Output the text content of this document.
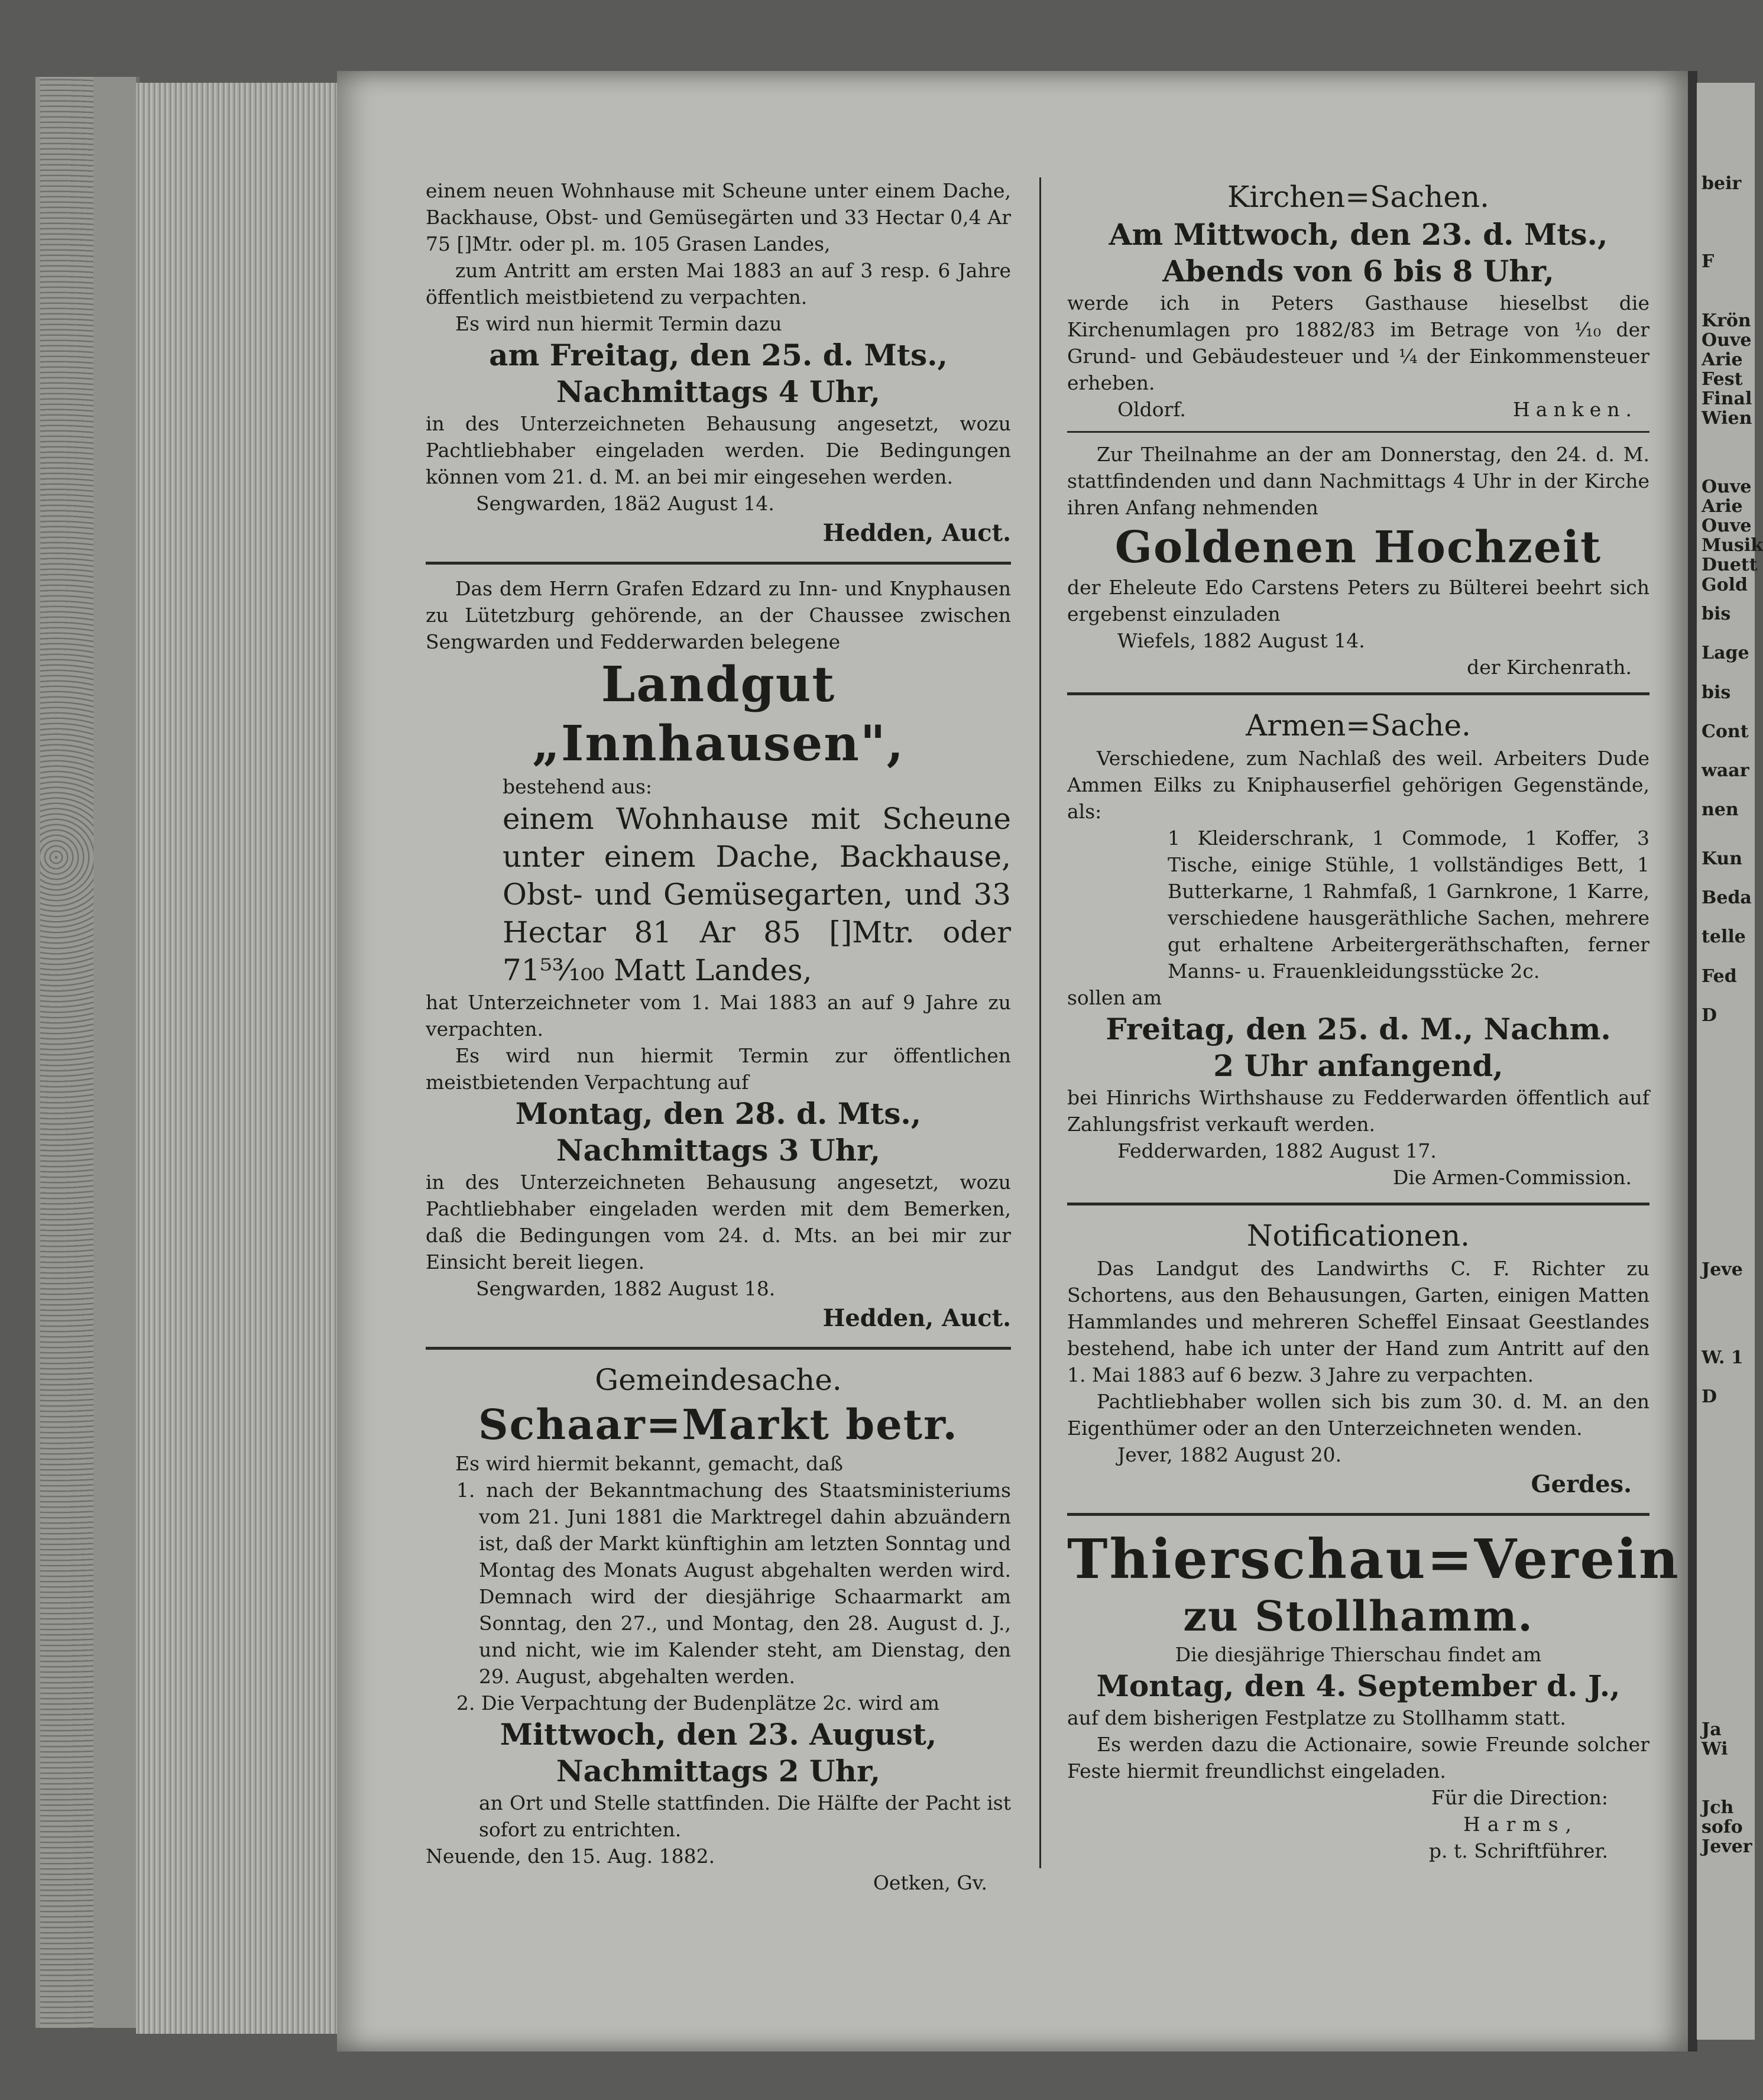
beir
F
Krön
Ouve
Arie
Fest
Final
Wien
Ouve
Arie
Ouve
Musik
Duett
Gold
bis
Lage
bis
Cont
waar
nen
Kun
Beda
telle
Fed
D
Jeve
W. 1
D
Ja
Wi
Jch
sofo
Jever
einem neuen Wohnhause mit Scheune unter einem Dache, Backhause, Obst- und Gemüsegärten und 33 Hectar 0,4 Ar 75 []Mtr. oder pl. m. 105 Grasen Landes,
zum Antritt am ersten Mai 1883 an auf 3 resp. 6 Jahre öffentlich meistbietend zu verpachten.
Es wird nun hiermit Termin dazu
am Freitag, den 25. d. Mts.,
Nachmittags 4 Uhr,
in des Unterzeichneten Behausung angesetzt, wozu Pachtliebhaber eingeladen werden. Die Bedingungen können vom 21. d. M. an bei mir eingesehen werden.
Sengwarden, 18ä2 August 14.
Hedden, Auct.
Das dem Herrn Grafen Edzard zu Inn- und Knyphausen zu Lütetzburg gehörende, an der Chaussee zwischen Sengwarden und Fedderwarden belegene
Landgut „Innhausen",
bestehend aus:
einem Wohnhause mit Scheune unter einem Dache, Backhause, Obst- und Gemüsegarten, und 33 Hectar 81 Ar 85 []Mtr. oder 71⁵³⁄₁₀₀ Matt Landes,
hat Unterzeichneter vom 1. Mai 1883 an auf 9 Jahre zu verpachten.
Es wird nun hiermit Termin zur öffentlichen meistbietenden Verpachtung auf
Montag, den 28. d. Mts.,
Nachmittags 3 Uhr,
in des Unterzeichneten Behausung angesetzt, wozu Pachtliebhaber eingeladen werden mit dem Bemerken, daß die Bedingungen vom 24. d. Mts. an bei mir zur Einsicht bereit liegen.
Sengwarden, 1882 August 18.
Hedden, Auct.
Gemeindesache.
Schaar=Markt betr.
Es wird hiermit bekannt, gemacht, daß
1. nach der Bekanntmachung des Staatsministeriums vom 21. Juni 1881 die Marktregel dahin abzuändern ist, daß der Markt künftighin am letzten Sonntag und Montag des Monats August abgehalten werden wird. Demnach wird der diesjährige Schaarmarkt am Sonntag, den 27., und Montag, den 28. August d. J., und nicht, wie im Kalender steht, am Dienstag, den 29. August, abgehalten werden.
2. Die Verpachtung der Budenplätze 2c. wird am
Mittwoch, den 23. August,
Nachmittags 2 Uhr,
an Ort und Stelle stattfinden. Die Hälfte der Pacht ist sofort zu entrichten.
Neuende, den 15. Aug. 1882.
Oetken, Gv.
Kirchen=Sachen.
Am Mittwoch, den 23. d. Mts.,
Abends von 6 bis 8 Uhr,
werde ich in Peters Gasthause hieselbst die Kirchenumlagen pro 1882/83 im Betrage von ¹⁄₁₀ der Grund- und Gebäudesteuer und ¹⁄₄ der Einkommensteuer erheben.
Oldorf.	Hanken.
Zur Theilnahme an der am Donnerstag, den 24. d. M. stattfindenden und dann Nachmittags 4 Uhr in der Kirche ihren Anfang nehmenden
Goldenen Hochzeit
der Eheleute Edo Carstens Peters zu Bülterei beehrt sich ergebenst einzuladen
Wiefels, 1882 August 14.
der Kirchenrath.
Armen=Sache.
Verschiedene, zum Nachlaß des weil. Arbeiters Dude Ammen Eilks zu Kniphauserfiel gehörigen Gegenstände, als:
1 Kleiderschrank, 1 Commode, 1 Koffer, 3 Tische, einige Stühle, 1 vollständiges Bett, 1 Butterkarne, 1 Rahmfaß, 1 Garnkrone, 1 Karre, verschiedene hausgeräthliche Sachen, mehrere gut erhaltene Arbeitergeräthschaften, ferner Manns- u. Frauenkleidungsstücke 2c.
sollen am
Freitag, den 25. d. M., Nachm.
2 Uhr anfangend,
bei Hinrichs Wirthshause zu Fedderwarden öffentlich auf Zahlungsfrist verkauft werden.
Fedderwarden, 1882 August 17.
Die Armen-Commission.
Notificationen.
Das Landgut des Landwirths C. F. Richter zu Schortens, aus den Behausungen, Garten, einigen Matten Hammlandes und mehreren Scheffel Einsaat Geestlandes bestehend, habe ich unter der Hand zum Antritt auf den 1. Mai 1883 auf 6 bezw. 3 Jahre zu verpachten.
Pachtliebhaber wollen sich bis zum 30. d. M. an den Eigenthümer oder an den Unterzeichneten wenden.
Jever, 1882 August 20.
Gerdes.
Thierschau=Verein
zu Stollhamm.
Die diesjährige Thierschau findet am
Montag, den 4. September d. J.,
auf dem bisherigen Festplatze zu Stollhamm statt.
Es werden dazu die Actionaire, sowie Freunde solcher Feste hiermit freundlichst eingeladen.
Für die Direction:
Harms,
p. t. Schriftführer.
